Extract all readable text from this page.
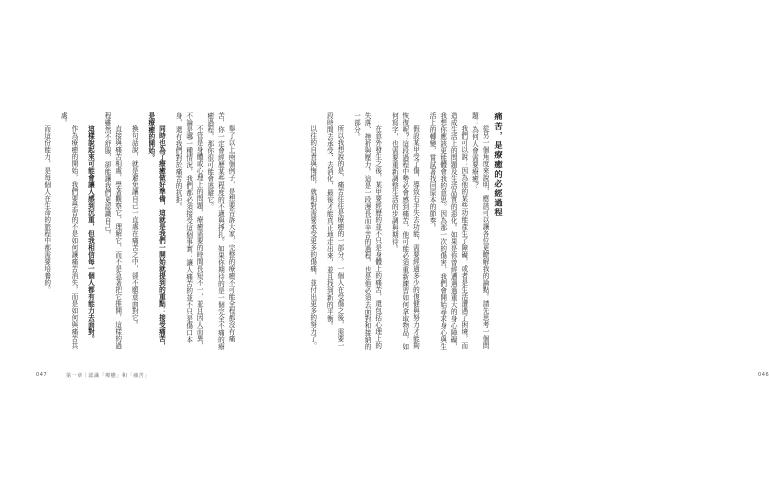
痛苦，是療癒的必經過程

從另一個角度來說明，應該可以讓各位更瞭解我的論點。請先思考一個問題：為何人會需要療癒？

我們可以說：因為他的某些功能產生了障礙，或者是生活遭遇了困境，而造成生活上的問題及生活品質的惡化。如果是你曾經遭遇過重大的身心障礙，我想你應該更能體會我的意思。因為那一次的傷害，我們會開始尋求身心與生活上的轉變，嘗試著找回原本的節奏。

假設某甲受了傷，導致右手失去功能，需要經過多少的復健與努力才能夠恢復呢？這段過程中勢必會感到痛苦，他可能必須重新練習如何拿取物品，如何寫字，也需要重新調整生活的步調與期待。

在意外發生之後，某甲要經歷的並不只是身體上的痛苦，還包括心理上的失落、挫折與壓力。這是一段漫長而辛苦的過程，也是他必須去面對和接納的一部分。

所以我想說的是，痛苦往往是療癒的一部分。一個人在受傷之後，需要一段時間去承受、去消化，最後才能真正地走出來，並且找到新的平衡。

以往的自責與悔恨，就相對需要承受更多的傷痛，並付出更多的努力了。

046

舉了以上兩個例子，是想要告訴大家，完整的療癒不可能全程都沒有痛苦，你一定會經歷某些程度的不適與掙扎。如果你期待的是一個完全不痛的療癒過程，那你很可能會逃避它。

不管是身體或心理上的問題，療癒需要的時間長短不一，並且因人而異，不論是哪一種情況，我們都必須接受這個事實：讓人痛苦的並不只是傷口本身，還有我們對於痛苦的抗拒。

同時也為了療癒做好準備，這就是我們一開始就提到的重點：接受痛苦，是療癒的開始。

換句話說，就是避免讓自己一直處在痛苦之中，卻不願意面對它。

直接與痛苦相處，學著觀察它、理解它，而不是急著把它推開，這樣的過程雖然不舒服，卻能讓我們更認識自己。

這樣說起來可能會讓人感到沉重，但我相信每一個人都有能力去面對。

作為療癒的開始，我們要學習的不是如何讓痛苦消失，而是如何與痛苦共處。

而這份能力，是每個人在生命的旅程中都需要培養的。

047	第一章｜認識「療癒」和「痛苦」
